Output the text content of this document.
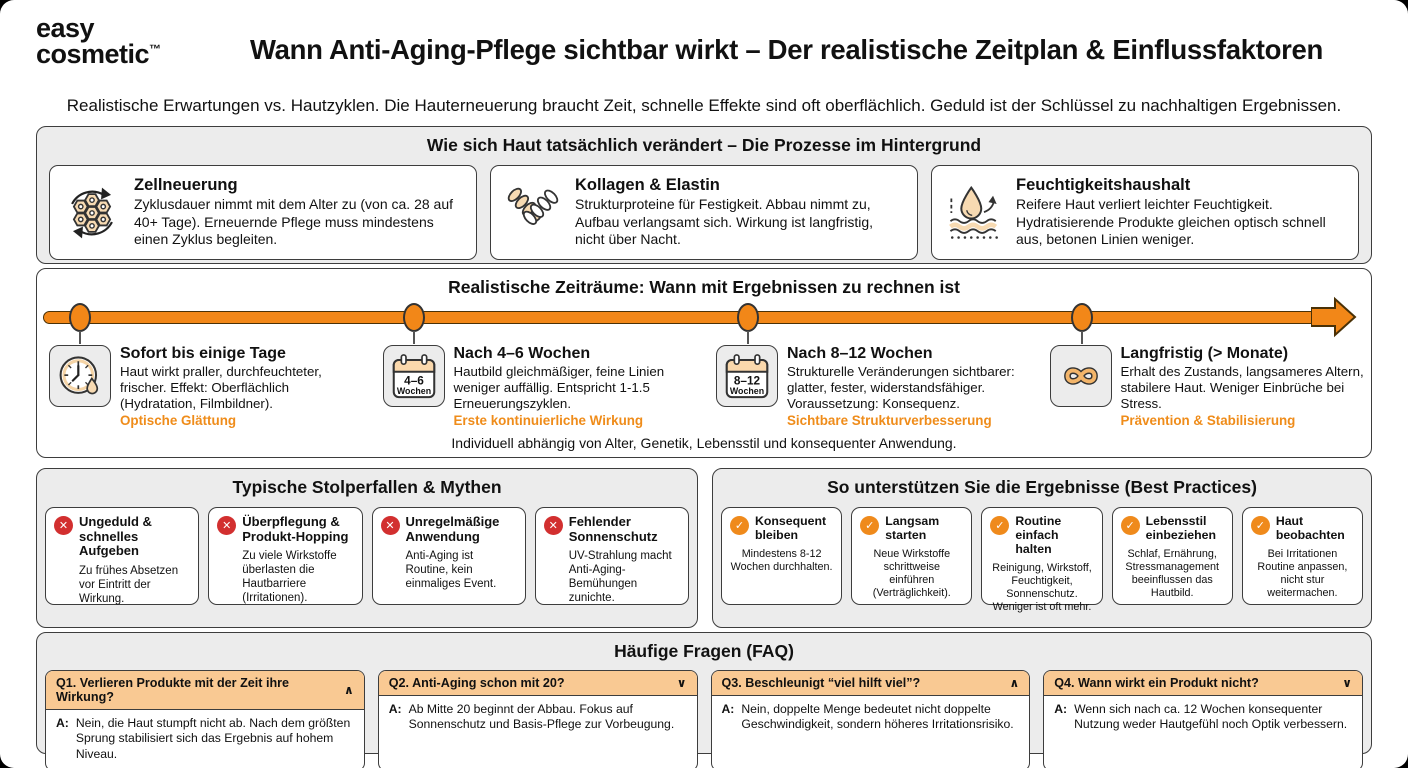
easy
cosmetic™	Wann Anti-Aging-Pflege sichtbar wirkt – Der realistische Zeitplan & Einflussfaktoren
Realistische Erwartungen vs. Hautzyklen. Die Hauterneuerung braucht Zeit, schnelle Effekte sind oft oberflächlich. Geduld ist der Schlüssel zu nachhaltigen Ergebnissen.
Wie sich Haut tatsächlich verändert – Die Prozesse im Hintergrund
Zellneuerung
Zyklusdauer nimmt mit dem Alter zu (von ca. 28 auf 40+ Tage). Erneuernde Pflege muss mindestens einen Zyklus begleiten.
Kollagen & Elastin
Strukturproteine für Festigkeit. Abbau nimmt zu, Aufbau verlangsamt sich. Wirkung ist langfristig, nicht über Nacht.
Feuchtigkeitshaushalt
Reifere Haut verliert leichter Feuchtigkeit. Hydratisierende Produkte gleichen optisch schnell aus, betonen Linien weniger.
Realistische Zeiträume: Wann mit Ergebnissen zu rechnen ist
Sofort bis einige Tage
Haut wirkt praller, durchfeuchteter, frischer. Effekt: Oberflächlich (Hydratation, Filmbildner).
Optische Glättung
4–6
Wochen
Nach 4–6 Wochen
Hautbild gleichmäßiger, feine Linien weniger auffällig. Entspricht 1-1.5 Erneuerungszyklen.
Erste kontinuierliche Wirkung
8–12
Wochen
Nach 8–12 Wochen
Strukturelle Veränderungen sichtbarer: glatter, fester, widerstandsfähiger. Voraussetzung: Konsequenz.
Sichtbare Strukturverbesserung
Langfristig (> Monate)
Erhalt des Zustands, langsameres Altern, stabilere Haut. Weniger Einbrüche bei Stress.
Prävention & Stabilisierung
Individuell abhängig von Alter, Genetik, Lebensstil und konsequenter Anwendung.
Typische Stolperfallen & Mythen
✕ Ungeduld & schnelles Aufgeben
Zu frühes Absetzen vor Eintritt der Wirkung.
✕ Überpflegung & Produkt-Hopping
Zu viele Wirkstoffe überlasten die Hautbarriere (Irritationen).
✕ Unregelmäßige Anwendung
Anti-Aging ist Routine, kein einmaliges Event.
✕ Fehlender Sonnenschutz
UV-Strahlung macht Anti-Aging-Bemühungen zunichte.
So unterstützen Sie die Ergebnisse (Best Practices)
✓ Konsequent bleiben
Mindestens 8-12 Wochen durchhalten.
✓ Langsam starten
Neue Wirkstoffe schrittweise einführen (Verträglichkeit).
✓ Routine einfach halten
Reinigung, Wirkstoff, Feuchtigkeit, Sonnenschutz. Weniger ist oft mehr.
✓ Lebensstil einbeziehen
Schlaf, Ernährung, Stressmanagement beeinflussen das Hautbild.
✓ Haut beobachten
Bei Irritationen Routine anpassen, nicht stur weitermachen.
Häufige Fragen (FAQ)
Q1. Verlieren Produkte mit der Zeit ihre Wirkung?	∧
A: Nein, die Haut stumpft nicht ab. Nach dem größten Sprung stabilisiert sich das Ergebnis auf hohem Niveau.
Q2. Anti-Aging schon mit 20?	∨
A: Ab Mitte 20 beginnt der Abbau. Fokus auf Sonnenschutz und Basis-Pflege zur Vorbeugung.
Q3. Beschleunigt “viel hilft viel”?	∧
A: Nein, doppelte Menge bedeutet nicht doppelte Geschwindigkeit, sondern höheres Irritationsrisiko.
Q4. Wann wirkt ein Produkt nicht?	∨
A: Wenn sich nach ca. 12 Wochen konsequenter Nutzung weder Hautgefühl noch Optik verbessern.
